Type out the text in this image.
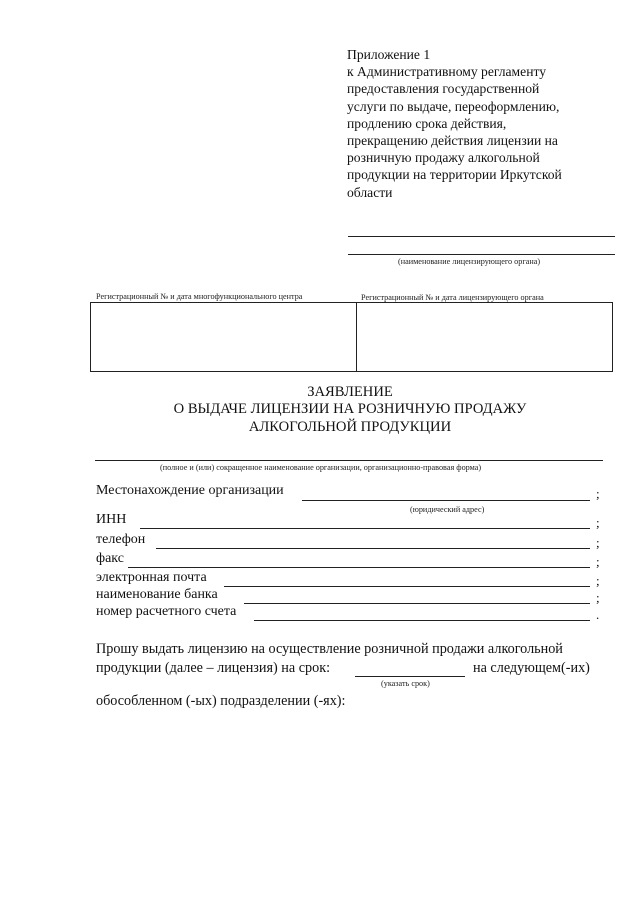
Приложение 1
к Административному регламенту
предоставления государственной
услуги по выдаче, переоформлению,
продлению срока действия,
прекращению действия лицензии на
розничную продажу алкогольной
продукции на территории Иркутской
области
(наименование лицензирующего органа)
Регистрационный № и дата многофункционального центра	Регистрационный № и дата лицензирующего органа
ЗАЯВЛЕНИЕ
О ВЫДАЧЕ ЛИЦЕНЗИИ НА РОЗНИЧНУЮ ПРОДАЖУ
АЛКОГОЛЬНОЙ ПРОДУКЦИИ
(полное и (или) сокращенное наименование организации, организационно-правовая форма)
Местонахождение организации	;
(юридический адрес)
ИНН	;
телефон	;
факс	;
электронная почта	;
наименование банка	;
номер расчетного счета	.
Прошу выдать лицензию на осуществление розничной продажи алкогольной
продукции (далее – лицензия) на срок:	на следующем(-их)
(указать срок)
обособленном (-ых) подразделении (-ях):
